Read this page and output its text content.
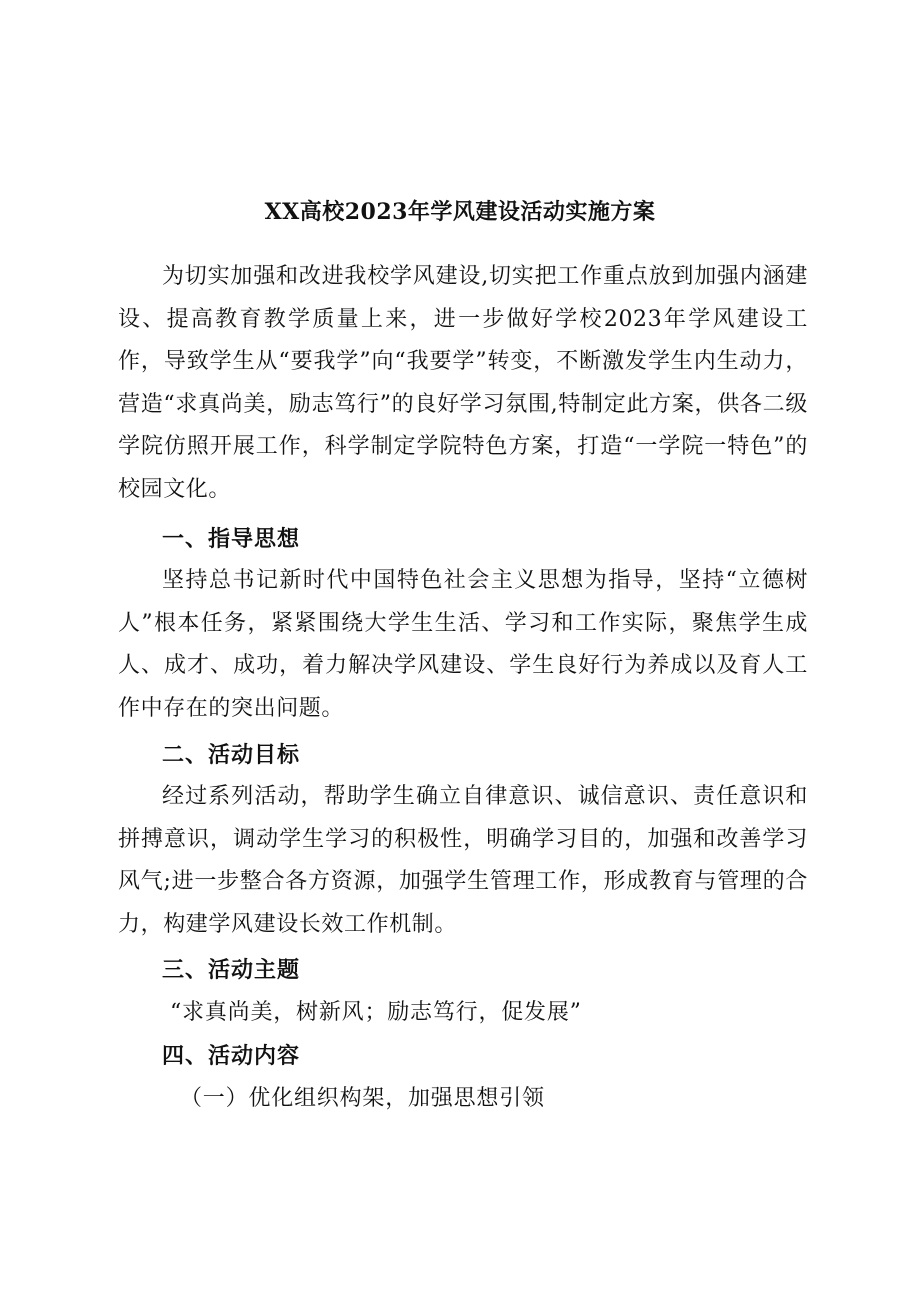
XX高校2023年学风建设活动实施方案
为切实加强和改进我校学风建设,切实把工作重点放到加强内涵建设、提高教育教学质量上来，进一步做好学校2023年学风建设工作，导致学生从“要我学”向“我要学”转变，不断激发学生内生动力，营造“求真尚美，励志笃行”的良好学习氛围,特制定此方案，供各二级学院仿照开展工作，科学制定学院特色方案，打造“一学院一特色”的校园文化。
一、指导思想
坚持总书记新时代中国特色社会主义思想为指导，坚持“立德树人”根本任务，紧紧围绕大学生生活、学习和工作实际，聚焦学生成人、成才、成功，着力解决学风建设、学生良好行为养成以及育人工作中存在的突出问题。
二、活动目标
经过系列活动，帮助学生确立自律意识、诚信意识、责任意识和拼搏意识，调动学生学习的积极性，明确学习目的，加强和改善学习风气;进一步整合各方资源，加强学生管理工作，形成教育与管理的合力，构建学风建设长效工作机制。
三、活动主题
“求真尚美，树新风；励志笃行，促发展”
四、活动内容
（一）优化组织构架，加强思想引领
